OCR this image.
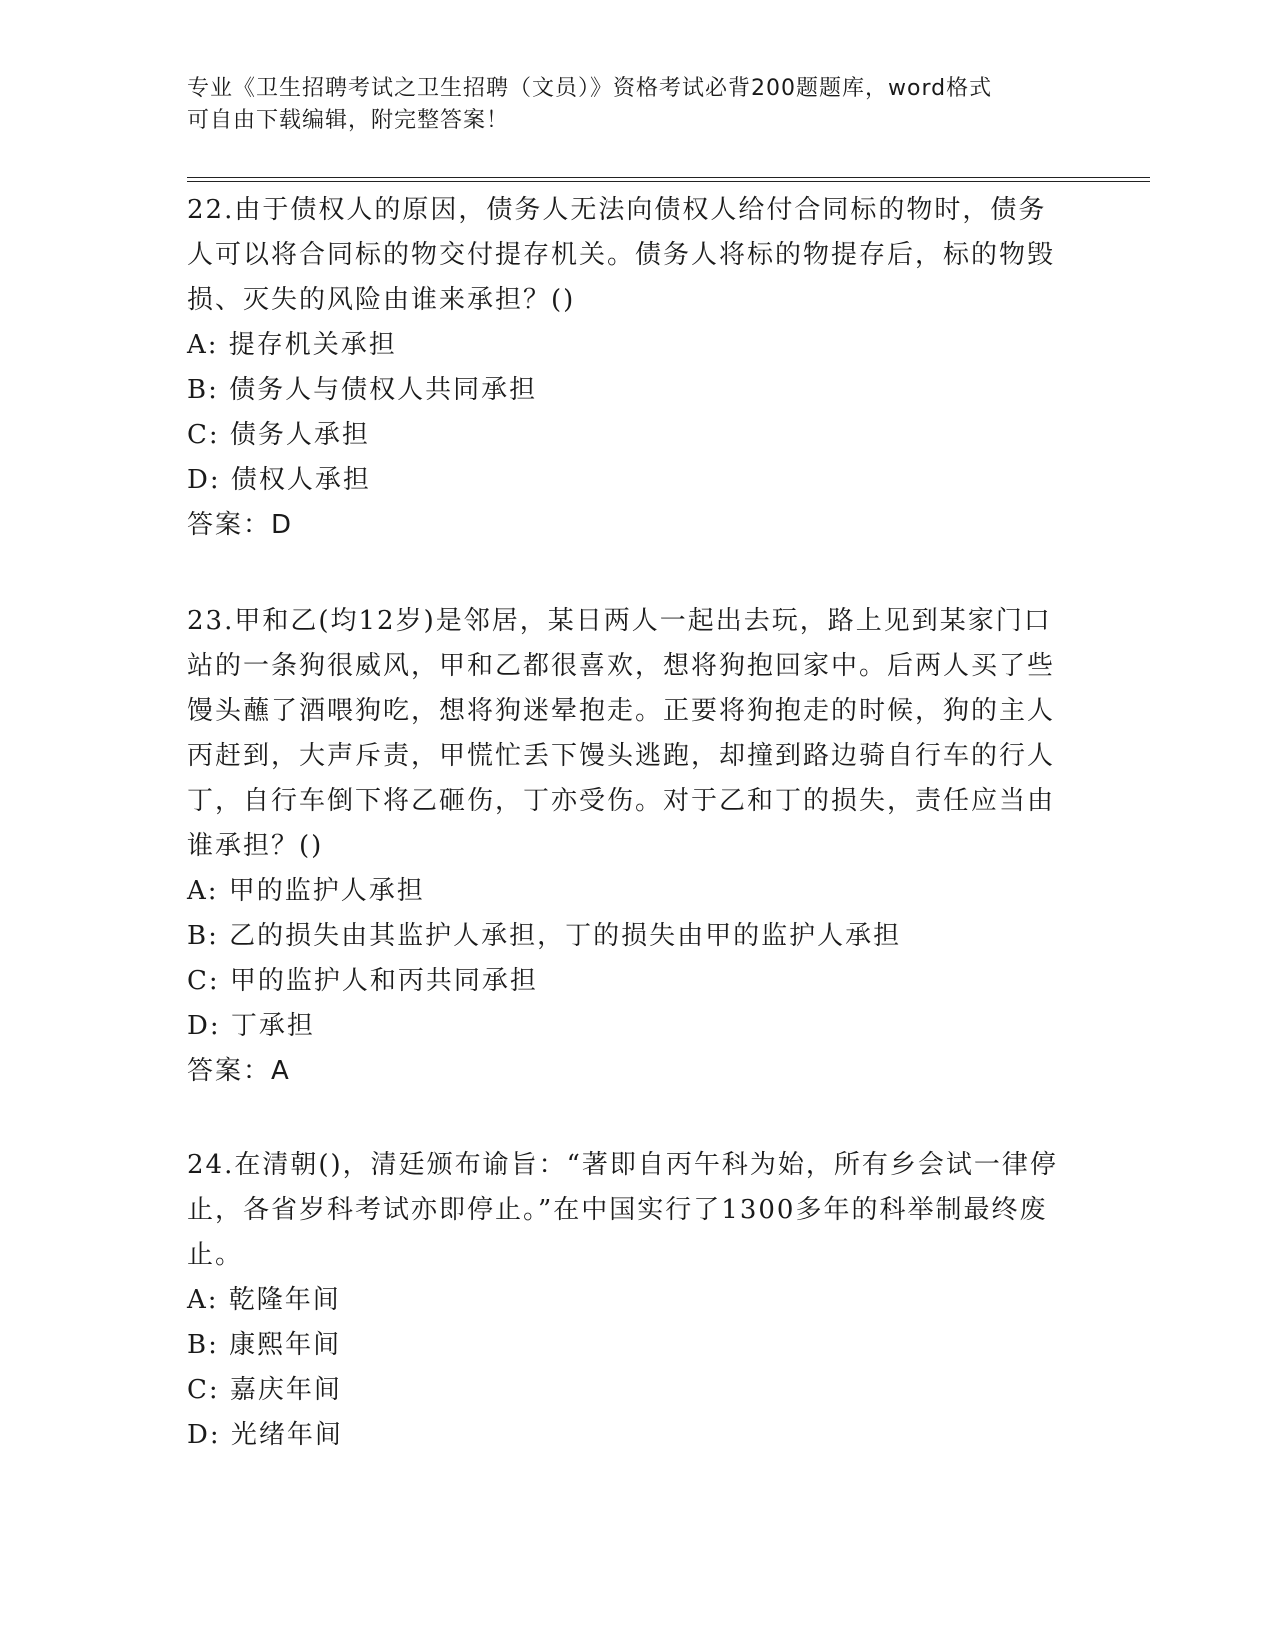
专业《卫生招聘考试之卫生招聘（文员）》资格考试必背200题题库，word格式
可自由下载编辑，附完整答案！
22.由于债权人的原因，债务人无法向债权人给付合同标的物时，债务人可以将合同标的物交付提存机关。债务人将标的物提存后，标的物毁损、灭失的风险由谁来承担？()
A: 提存机关承担
B: 债务人与债权人共同承担
C: 债务人承担
D: 债权人承担
答案：D
23.甲和乙(均12岁)是邻居，某日两人一起出去玩，路上见到某家门口站的一条狗很威风，甲和乙都很喜欢，想将狗抱回家中。后两人买了些馒头蘸了酒喂狗吃，想将狗迷晕抱走。正要将狗抱走的时候，狗的主人丙赶到，大声斥责，甲慌忙丢下馒头逃跑，却撞到路边骑自行车的行人丁，自行车倒下将乙砸伤，丁亦受伤。对于乙和丁的损失，责任应当由谁承担？()
A: 甲的监护人承担
B: 乙的损失由其监护人承担，丁的损失由甲的监护人承担
C: 甲的监护人和丙共同承担
D: 丁承担
答案：A
24.在清朝()，清廷颁布谕旨：“著即自丙午科为始，所有乡会试一律停止，各省岁科考试亦即停止。”在中国实行了1300多年的科举制最终废止。
A: 乾隆年间
B: 康熙年间
C: 嘉庆年间
D: 光绪年间
